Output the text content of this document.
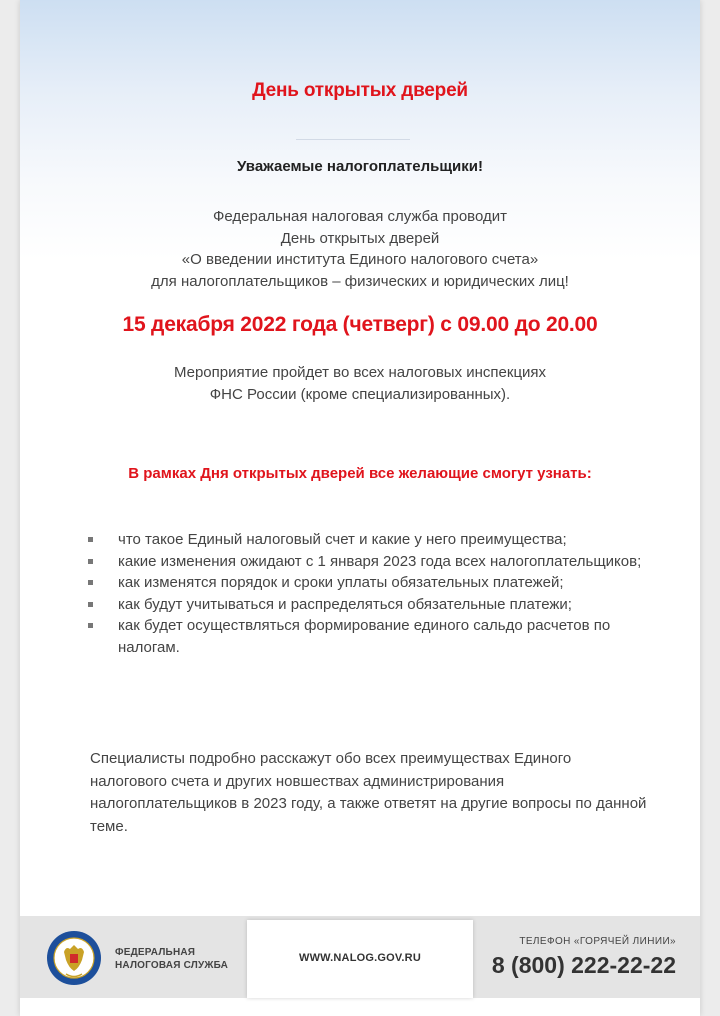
День открытых дверей
Уважаемые налогоплательщики!
Федеральная налоговая служба проводит
День открытых дверей
«О введении института Единого налогового счета»
для налогоплательщиков – физических и юридических лиц!
15 декабря 2022 года (четверг) с 09.00 до 20.00
Мероприятие пройдет во всех налоговых инспекциях
ФНС России (кроме специализированных).
В рамках Дня открытых дверей все желающие смогут узнать:
что такое Единый налоговый счет и какие у него преимущества;
какие изменения ожидают с 1 января 2023 года всех налогоплательщиков;
как изменятся порядок и сроки уплаты обязательных платежей;
как будут учитываться и распределяться обязательные платежи;
как будет осуществляться формирование единого сальдо расчетов по налогам.
Специалисты подробно расскажут обо всех преимуществах Единого налогового счета и других новшествах администрирования налогоплательщиков в 2023 году, а также ответят на другие вопросы по данной теме.
ФЕДЕРАЛЬНАЯ
НАЛОГОВАЯ СЛУЖБА
WWW.NALOG.GOV.RU
ТЕЛЕФОН «ГОРЯЧЕЙ ЛИНИИ»
8 (800) 222-22-22
